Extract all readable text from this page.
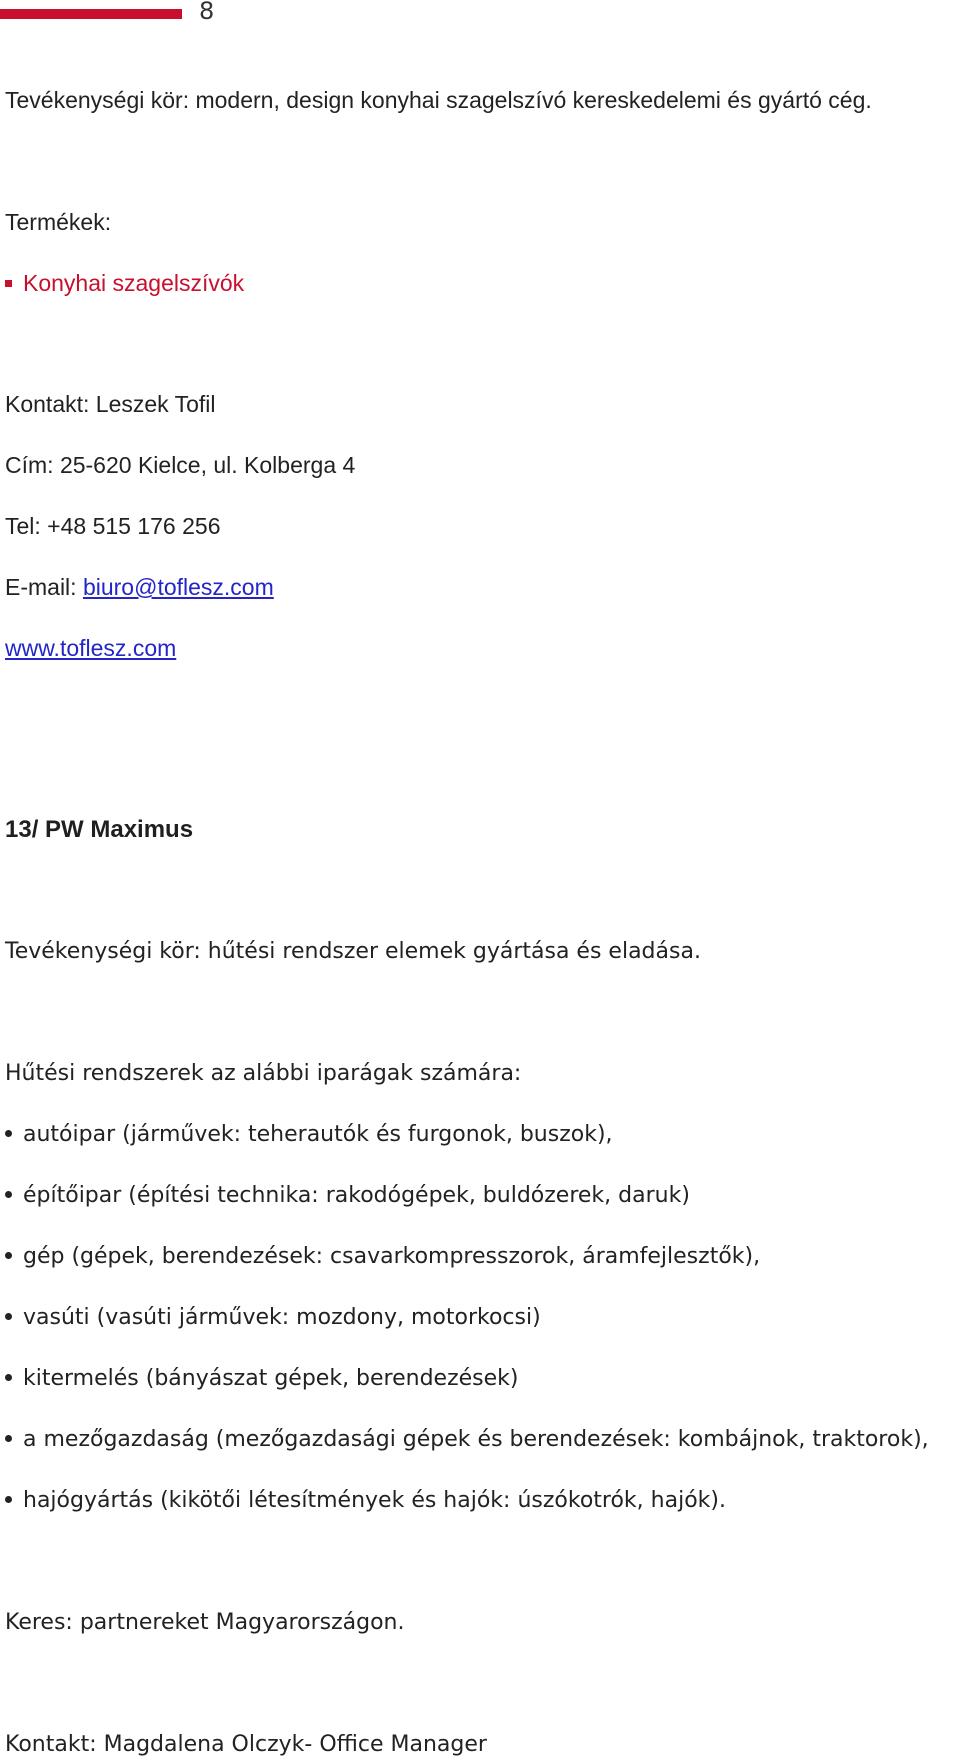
8
Tevékenységi kör: modern, design konyhai szagelszívó kereskedelemi és gyártó cég.
Termékek:
Konyhai szagelszívók
Kontakt: Leszek Tofil
Cím: 25-620 Kielce, ul. Kolberga 4
Tel: +48 515 176 256
E-mail: biuro@toflesz.com
www.toflesz.com
13/ PW Maximus
Tevékenységi kör: hűtési rendszer elemek gyártása és eladása.
Hűtési rendszerek az alábbi iparágak számára:
autóipar (járművek: teherautók és furgonok, buszok),
építőipar (építési technika: rakodógépek, buldózerek, daruk)
gép (gépek, berendezések: csavarkompresszorok, áramfejlesztők),
vasúti (vasúti járművek: mozdony, motorkocsi)
kitermelés (bányászat gépek, berendezések)
a mezőgazdaság (mezőgazdasági gépek és berendezések: kombájnok, traktorok),
hajógyártás (kikötői létesítmények és hajók: úszókotrók, hajók).
Keres: partnereket Magyarországon.
Kontakt: Magdalena Olczyk- Office Manager
